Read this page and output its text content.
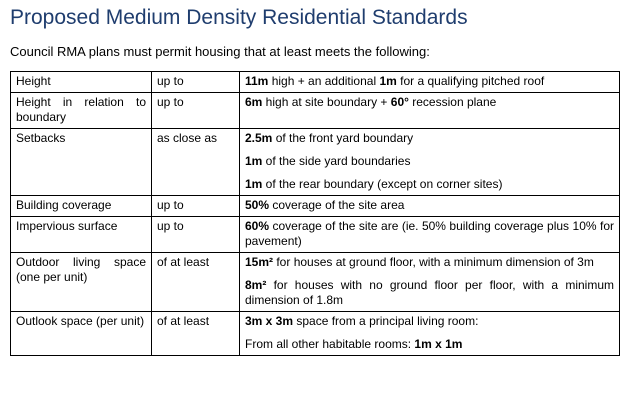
Proposed Medium Density Residential Standards

Council RMA plans must permit housing that at least meets the following:

Height	up to	11m high + an additional 1m for a qualifying pitched roof

Height in relation to boundary	up to	6m high at site boundary + 60° recession plane

Setbacks	as close as	2.5m of the front yard boundary

1m of the side yard boundaries

1m of the rear boundary (except on corner sites)

Building coverage	up to	50% coverage of the site area

Impervious surface	up to	60% coverage of the site are (ie. 50% building coverage plus 10% for pavement)

Outdoor living space (one per unit)	of at least	15m² for houses at ground floor, with a minimum dimension of 3m

8m² for houses with no ground floor per floor, with a minimum dimension of 1.8m

Outlook space (per unit)	of at least	3m x 3m space from a principal living room:

From all other habitable rooms: 1m x 1m
